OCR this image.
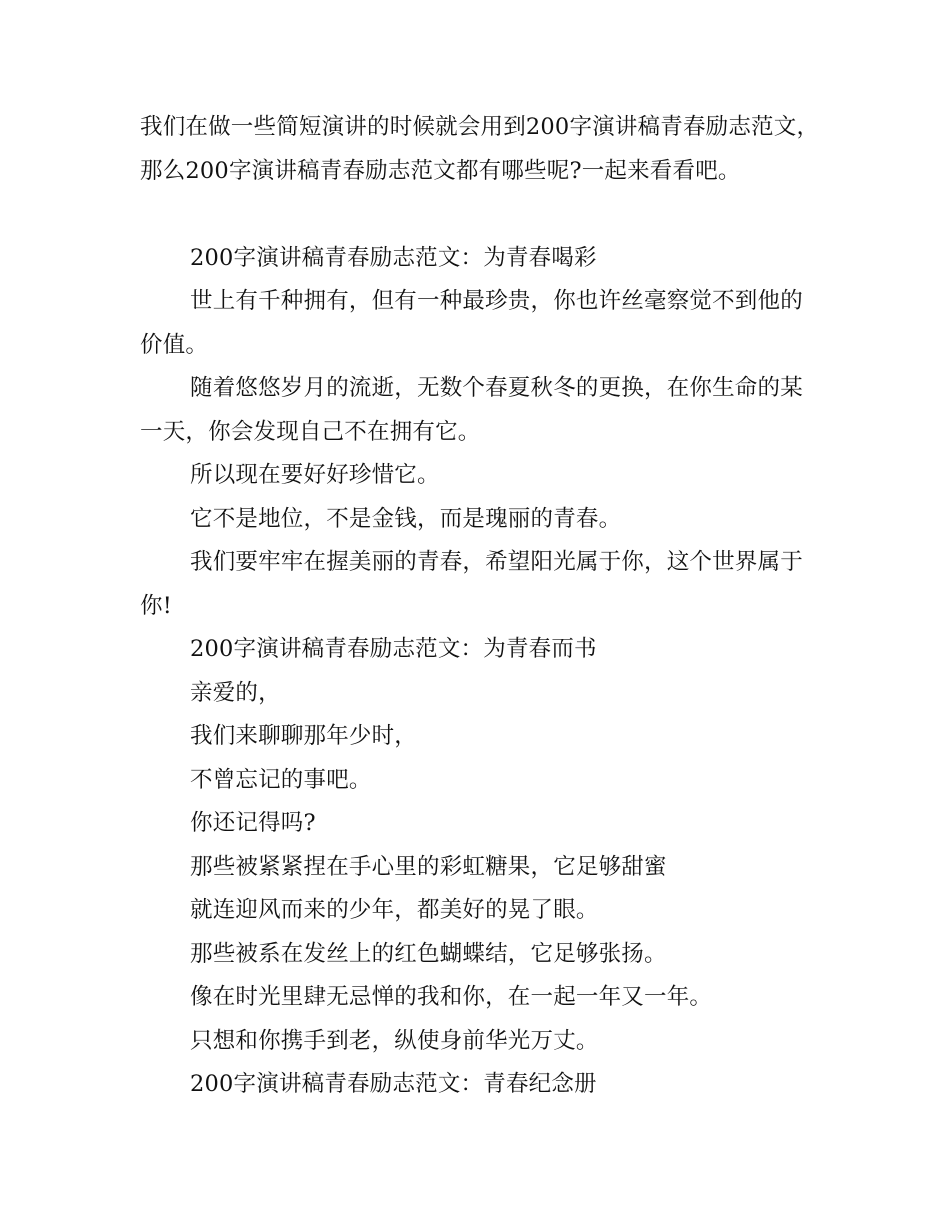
我们在做一些简短演讲的时候就会用到200字演讲稿青春励志范文，那么200字演讲稿青春励志范文都有哪些呢?一起来看看吧。

200字演讲稿青春励志范文：为青春喝彩

世上有千种拥有，但有一种最珍贵，你也许丝毫察觉不到他的价值。

随着悠悠岁月的流逝，无数个春夏秋冬的更换，在你生命的某一天，你会发现自己不在拥有它。

所以现在要好好珍惜它。

它不是地位，不是金钱，而是瑰丽的青春。

我们要牢牢在握美丽的青春，希望阳光属于你，这个世界属于你!

200字演讲稿青春励志范文：为青春而书

亲爱的，

我们来聊聊那年少时，

不曾忘记的事吧。

你还记得吗?

那些被紧紧捏在手心里的彩虹糖果，它足够甜蜜

就连迎风而来的少年，都美好的晃了眼。

那些被系在发丝上的红色蝴蝶结，它足够张扬。

像在时光里肆无忌惮的我和你，在一起一年又一年。

只想和你携手到老，纵使身前华光万丈。

200字演讲稿青春励志范文：青春纪念册
